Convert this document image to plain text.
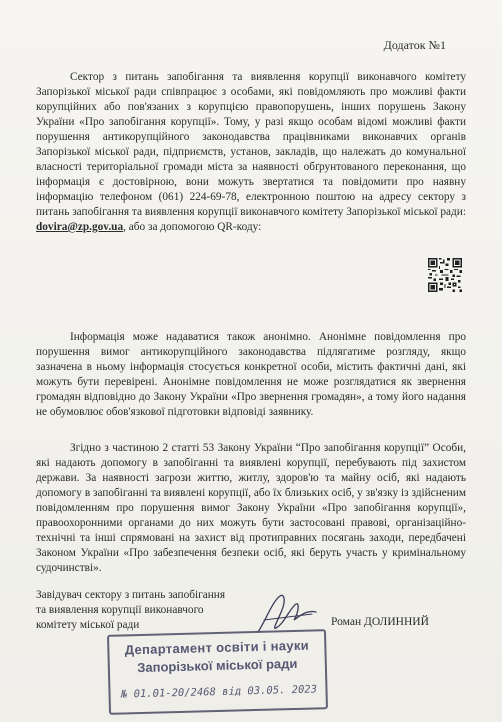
Додаток №1

Сектор з питань запобігання та виявлення корупції виконавчого комітету Запорізької міської ради співпрацює з особами, які повідомляють про можливі факти корупційних або пов'язаних з корупцією правопорушень, інших порушень Закону України «Про запобігання корупції». Тому, у разі якщо особам відомі можливі факти порушення антикорупційного законодавства працівниками виконавчих органів Запорізької міської ради, підприємств, установ, закладів, що належать до комунальної власності територіальної громади міста за наявності обґрунтованого переконання, що інформація є достовірною, вони можуть звертатися та повідомити про наявну інформацію телефоном (061) 224-69-78, електронною поштою на адресу сектору з питань запобігання та виявлення корупції виконавчого комітету Запорізької міської ради: dovira@zp.gov.ua, або за допомогою QR-коду:

Інформація може надаватися також анонімно. Анонімне повідомлення про порушення вимог антикорупційного законодавства підлягатиме розгляду, якщо зазначена в ньому інформація стосується конкретної особи, містить фактичні дані, які можуть бути перевірені. Анонімне повідомлення не може розглядатися як звернення громадян відповідно до Закону України «Про звернення громадян», а тому його надання не обумовлює обов'язкової підготовки відповіді заявнику.

Згідно з частиною 2 статті 53 Закону України “Про запобігання корупції” Особи, які надають допомогу в запобіганні та виявлені корупції, перебувають під захистом держави. За наявності загрози життю, житлу, здоров'ю та майну осіб, які надають допомогу в запобіганні та виявлені корупції, або їх близьких осіб, у зв'язку із здійсненим повідомленням про порушення вимог Закону України «Про запобігання корупції», правоохоронними органами до них можуть бути застосовані правові, організаційно-технічні та інші спрямовані на захист від протиправних посягань заходи, передбачені Законом України «Про забезпечення безпеки осіб, які беруть участь у кримінальному судочинстві».

Завідувач сектору з питань запобігання та виявлення корупції виконавчого комітету міської ради	Роман ДОЛИННИЙ
Департамент освіти і науки
Запорізької міської ради
№ 01.01-20/2468 від 03.05. 2023
